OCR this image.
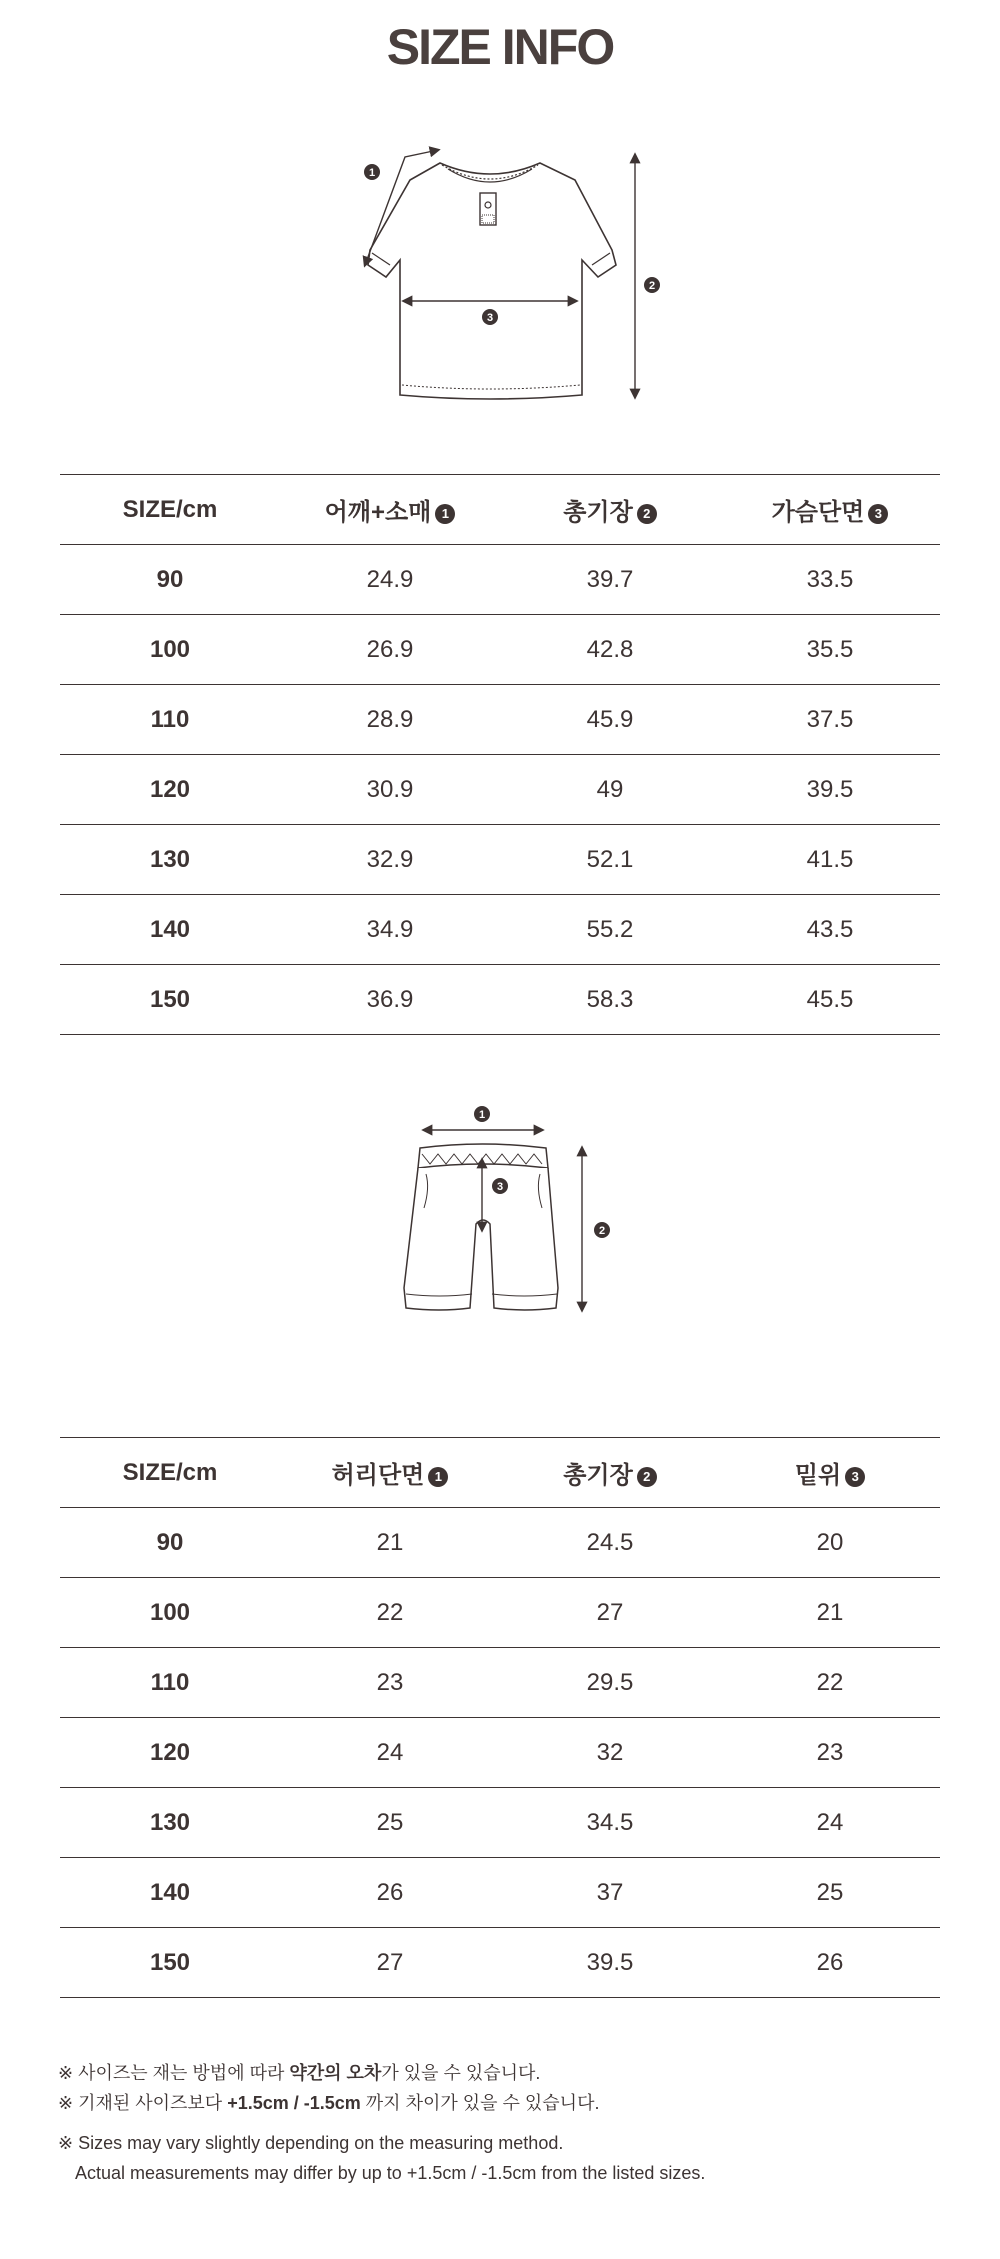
SIZE INFO
1
3
2
SIZE/cm	어깨+소매 1	총기장 2	가슴단면 3
90	24.9	39.7	33.5
100	26.9	42.8	35.5
110	28.9	45.9	37.5
120	30.9	49	39.5
130	32.9	52.1	41.5
140	34.9	55.2	43.5
150	36.9	58.3	45.5
1
3
2
SIZE/cm	허리단면 1	총기장 2	밑위 3
90	21	24.5	20
100	22	27	21
110	23	29.5	22
120	24	32	23
130	25	34.5	24
140	26	37	25
150	27	39.5	26
※ 사이즈는 재는 방법에 따라 약간의 오차가 있을 수 있습니다.
※ 기재된 사이즈보다 +1.5cm / -1.5cm 까지 차이가 있을 수 있습니다.
※ Sizes may vary slightly depending on the measuring method.
Actual measurements may differ by up to +1.5cm / -1.5cm from the listed sizes.
